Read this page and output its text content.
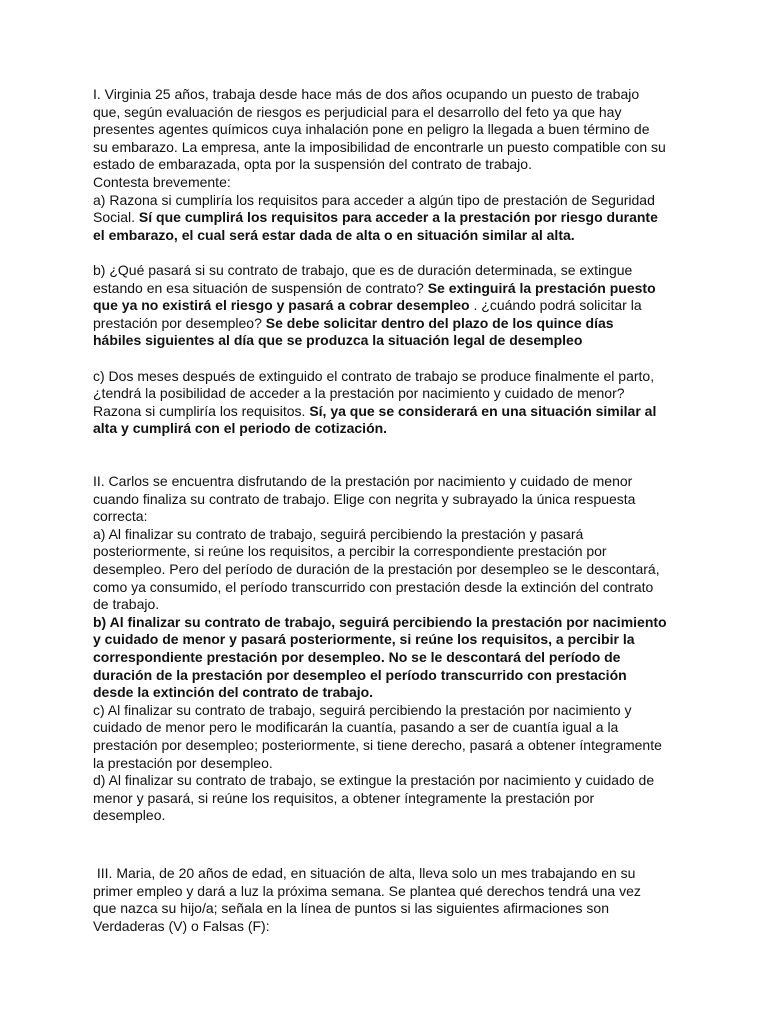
I. Virginia 25 años, trabaja desde hace más de dos años ocupando un puesto de trabajo
que, según evaluación de riesgos es perjudicial para el desarrollo del feto ya que hay
presentes agentes químicos cuya inhalación pone en peligro la llegada a buen término de
su embarazo. La empresa, ante la imposibilidad de encontrarle un puesto compatible con su
estado de embarazada, opta por la suspensión del contrato de trabajo.
Contesta brevemente:
a) Razona si cumpliría los requisitos para acceder a algún tipo de prestación de Seguridad
Social. Sí que cumplirá los requisitos para acceder a la prestación por riesgo durante
el embarazo, el cual será estar dada de alta o en situación similar al alta.
b) ¿Qué pasará si su contrato de trabajo, que es de duración determinada, se extingue
estando en esa situación de suspensión de contrato? Se extinguirá la prestación puesto
que ya no existirá el riesgo y pasará a cobrar desempleo . ¿cuándo podrá solicitar la
prestación por desempleo? Se debe solicitar dentro del plazo de los quince días
hábiles siguientes al día que se produzca la situación legal de desempleo
c) Dos meses después de extinguido el contrato de trabajo se produce finalmente el parto,
¿tendrá la posibilidad de acceder a la prestación por nacimiento y cuidado de menor?
Razona si cumpliría los requisitos. Sí, ya que se considerará en una situación similar al
alta y cumplirá con el periodo de cotización.
II. Carlos se encuentra disfrutando de la prestación por nacimiento y cuidado de menor
cuando finaliza su contrato de trabajo. Elige con negrita y subrayado la única respuesta
correcta:
a) Al finalizar su contrato de trabajo, seguirá percibiendo la prestación y pasará
posteriormente, si reúne los requisitos, a percibir la correspondiente prestación por
desempleo. Pero del período de duración de la prestación por desempleo se le descontará,
como ya consumido, el período transcurrido con prestación desde la extinción del contrato
de trabajo.
b) Al finalizar su contrato de trabajo, seguirá percibiendo la prestación por nacimiento
y cuidado de menor y pasará posteriormente, si reúne los requisitos, a percibir la
correspondiente prestación por desempleo. No se le descontará del período de
duración de la prestación por desempleo el período transcurrido con prestación
desde la extinción del contrato de trabajo.
c) Al finalizar su contrato de trabajo, seguirá percibiendo la prestación por nacimiento y
cuidado de menor pero le modificarán la cuantía, pasando a ser de cuantía igual a la
prestación por desempleo; posteriormente, si tiene derecho, pasará a obtener íntegramente
la prestación por desempleo.
d) Al finalizar su contrato de trabajo, se extingue la prestación por nacimiento y cuidado de
menor y pasará, si reúne los requisitos, a obtener íntegramente la prestación por
desempleo.
III. Maria, de 20 años de edad, en situación de alta, lleva solo un mes trabajando en su
primer empleo y dará a luz la próxima semana. Se plantea qué derechos tendrá una vez
que nazca su hijo/a; señala en la línea de puntos si las siguientes afirmaciones son
Verdaderas (V) o Falsas (F):
